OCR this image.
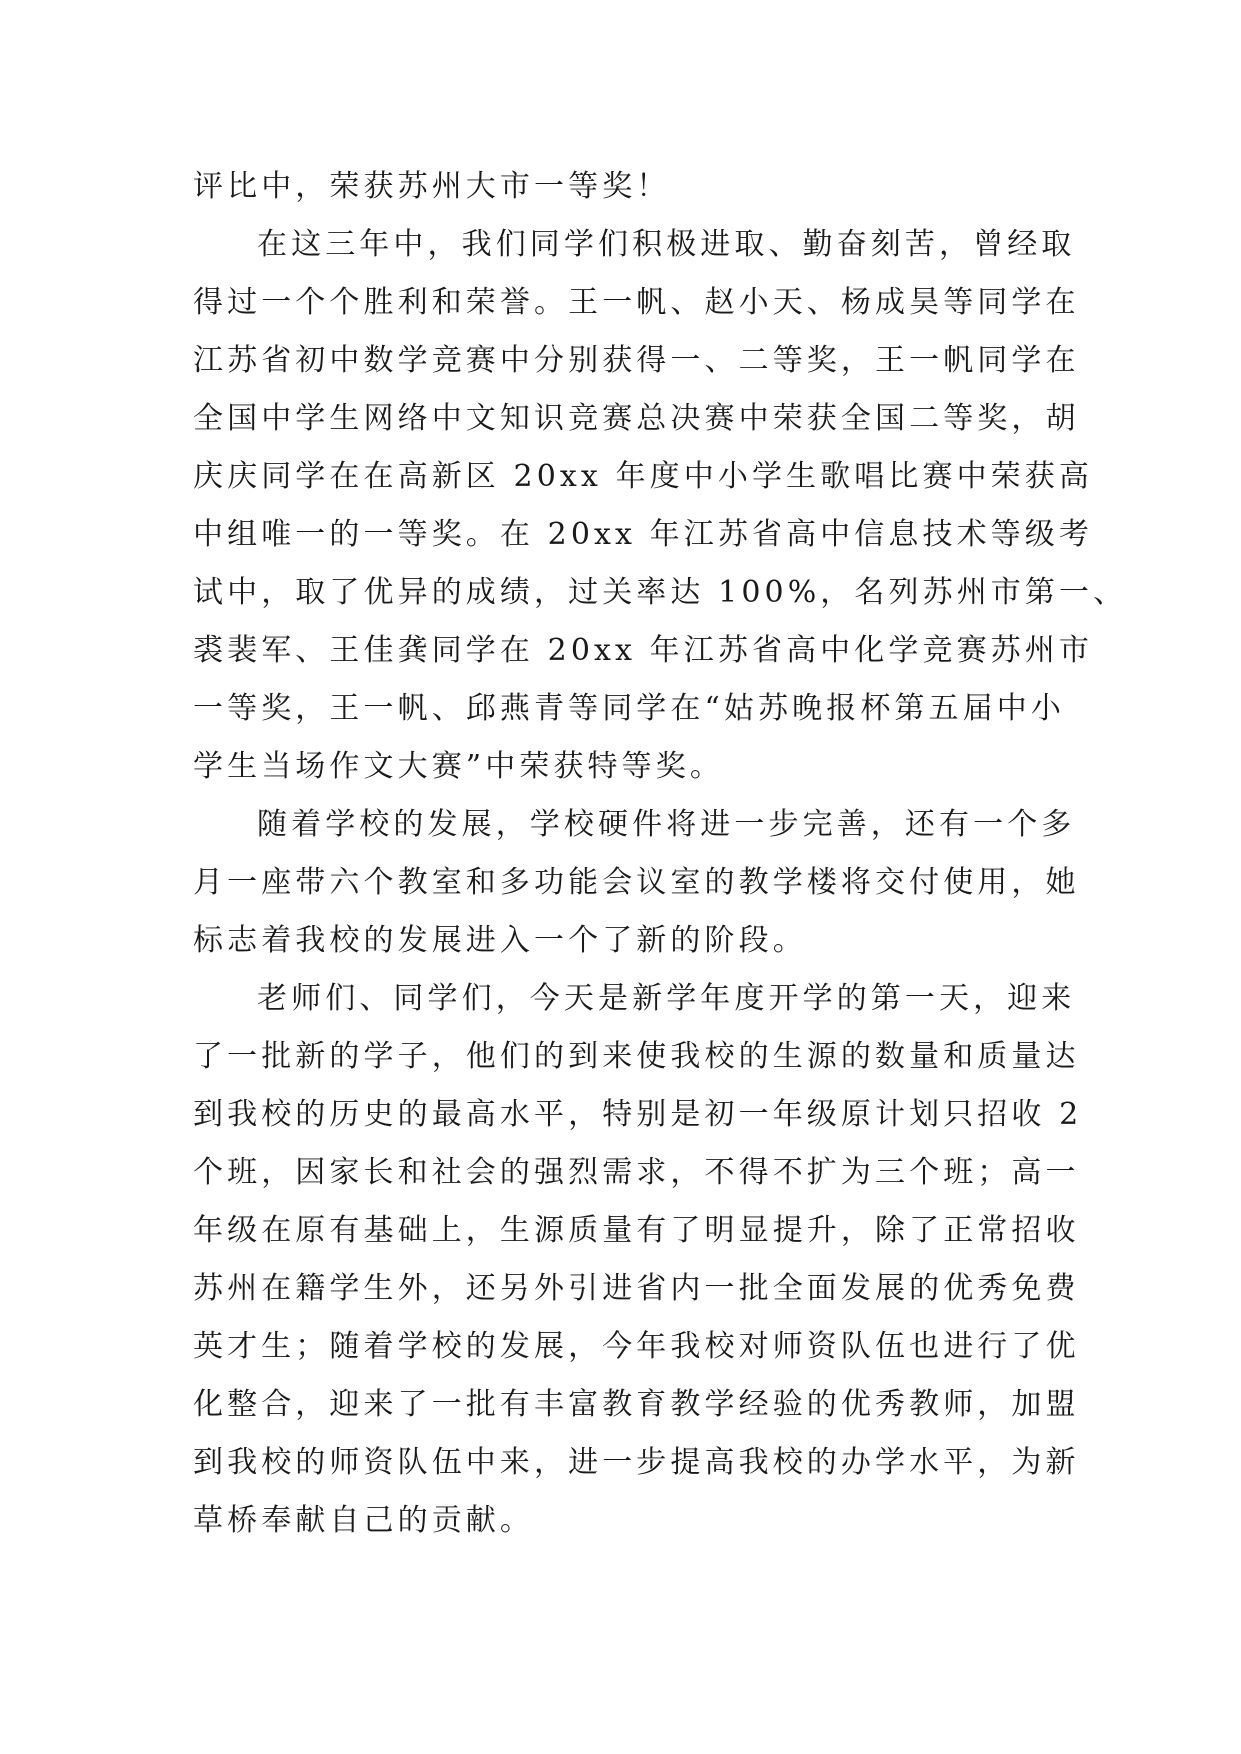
评比中，荣获苏州大市一等奖！
在这三年中，我们同学们积极进取、勤奋刻苦，曾经取
得过一个个胜利和荣誉。王一帆、赵小天、杨成昊等同学在
江苏省初中数学竞赛中分别获得一、二等奖，王一帆同学在
全国中学生网络中文知识竞赛总决赛中荣获全国二等奖，胡
庆庆同学在在高新区 20xx 年度中小学生歌唱比赛中荣获高
中组唯一的一等奖。在 20xx 年江苏省高中信息技术等级考
试中，取了优异的成绩，过关率达 100%，名列苏州市第一、
裘裴军、王佳龚同学在 20xx 年江苏省高中化学竞赛苏州市
一等奖，王一帆、邱燕青等同学在“姑苏晚报杯第五届中小
学生当场作文大赛”中荣获特等奖。
随着学校的发展，学校硬件将进一步完善，还有一个多
月一座带六个教室和多功能会议室的教学楼将交付使用，她
标志着我校的发展进入一个了新的阶段。
老师们、同学们，今天是新学年度开学的第一天，迎来
了一批新的学子，他们的到来使我校的生源的数量和质量达
到我校的历史的最高水平，特别是初一年级原计划只招收 2
个班，因家长和社会的强烈需求，不得不扩为三个班；高一
年级在原有基础上，生源质量有了明显提升，除了正常招收
苏州在籍学生外，还另外引进省内一批全面发展的优秀免费
英才生；随着学校的发展，今年我校对师资队伍也进行了优
化整合，迎来了一批有丰富教育教学经验的优秀教师，加盟
到我校的师资队伍中来，进一步提高我校的办学水平，为新
草桥奉献自己的贡献。
